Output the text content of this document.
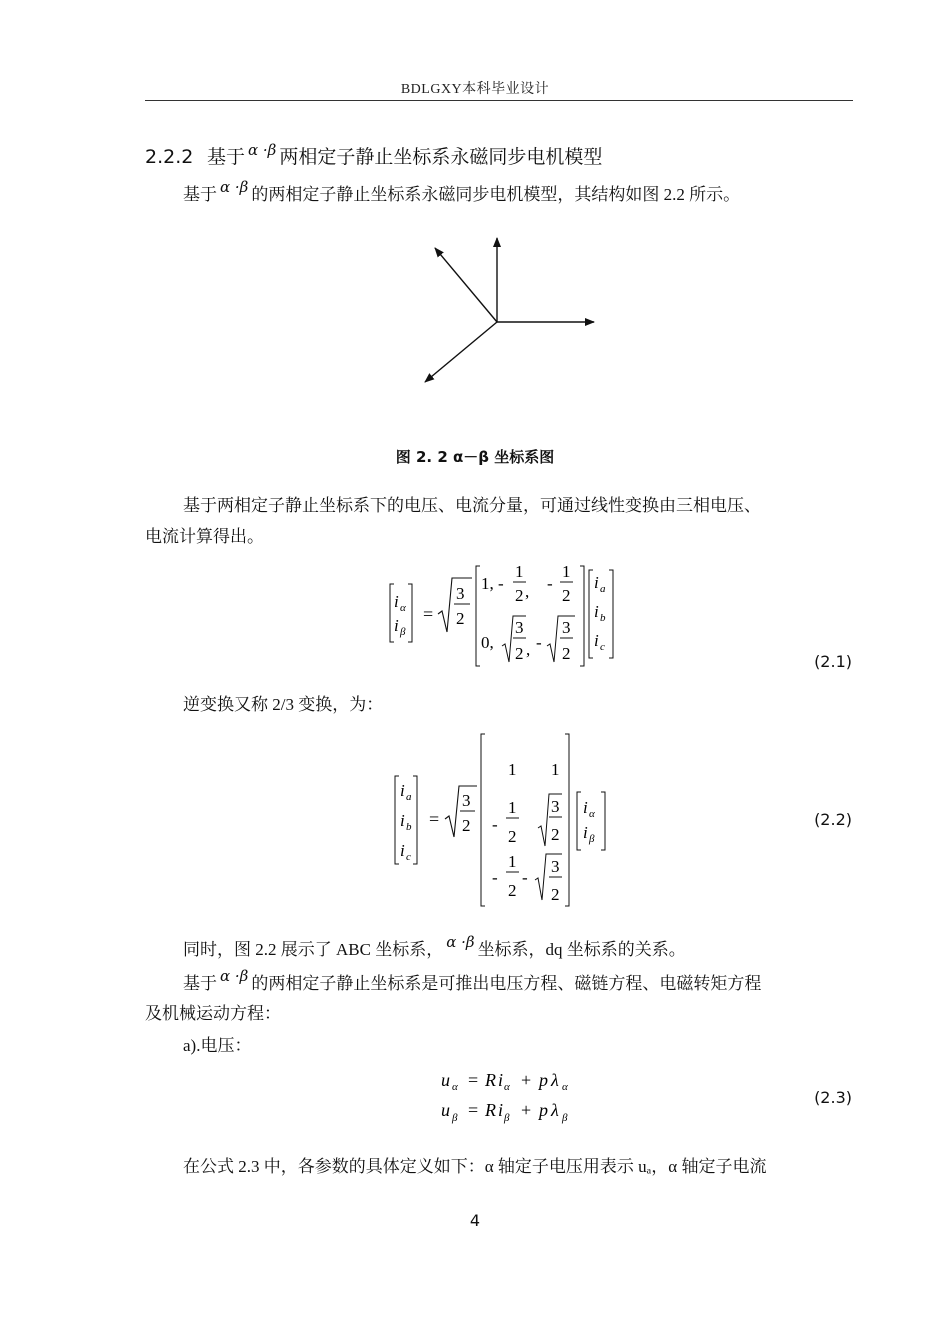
BDLGXY本科毕业设计
2.2.2 基于 $^{\alpha \cdot\beta}$ 两相定子静止坐标系永磁同步电机模型
基于 α ·β 的两相定子静止坐标系永磁同步电机模型，其结构如图 2.2 所示。
图 2. 2 α－β 坐标系图
基于两相定子静止坐标系下的电压、电流分量，可通过线性变换由三相电压、
电流计算得出。
i α
i β
=
3
2
1, -
1
2 , -
1
2
0,
3
2 , -
3
2
i a
i b
i c
(2.1)
逆变换又称 2/3 变换，为：
i a
i b
i c
=
3
2
1 1
-
1
2
3
2
-
1
2
-
3
2
i α
i β
(2.2)
同时，图 2.2 展示了 ABC 坐标系， α ·β 坐标系，dq 坐标系的关系。
基于 α ·β 的两相定子静止坐标系是可推出电压方程、磁链方程、电磁转矩方程
及机械运动方程：
a).电压：
u α = R i α + p λ α
u β = R i β + p λ β
(2.3)
在公式 2.3 中，各参数的具体定义如下：α 轴定子电压用表示 uₐ，α 轴定子电流
4
